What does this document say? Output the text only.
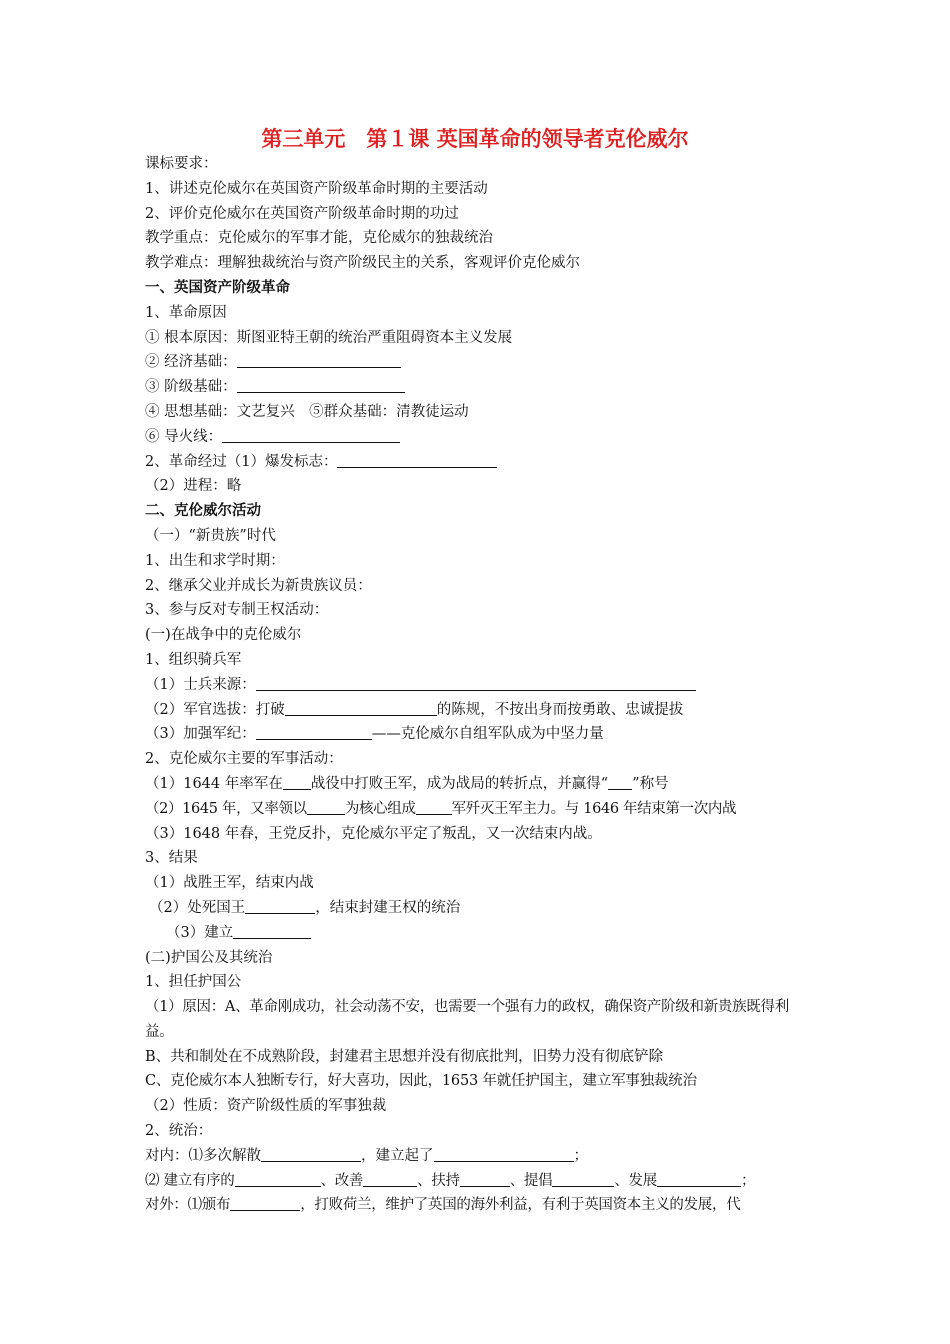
第三单元　第１课 英国革命的领导者克伦威尔
课标要求：
1、讲述克伦威尔在英国资产阶级革命时期的主要活动
2、评价克伦威尔在英国资产阶级革命时期的功过
教学重点：克伦威尔的军事才能，克伦威尔的独裁统治
教学难点：理解独裁统治与资产阶级民主的关系，客观评价克伦威尔
一、英国资产阶级革命
1、革命原因
① 根本原因：斯图亚特王朝的统治严重阻碍资本主义发展
② 经济基础：
③ 阶级基础：
④ 思想基础：文艺复兴　⑤群众基础：清教徒运动
⑥ 导火线：
2、革命经过（1）爆发标志：
（2）进程：略
二、克伦威尔活动
（一）“新贵族”时代
1、出生和求学时期：
2、继承父业并成长为新贵族议员：
3、参与反对专制王权活动：
(一)在战争中的克伦威尔
1、组织骑兵军
（1）士兵来源：
（2）军官选拔：打破	的陈规，不按出身而按勇敢、忠诚提拔
（3）加强军纪：	——克伦威尔自组军队成为中坚力量
2、克伦威尔主要的军事活动：
（1）1644 年率军在 战役中打败王军，成为战局的转折点，并赢得“ ”称号
（2）1645 年，又率领以	为核心组成 军歼灭王军主力。与 1646 年结束第一次内战
（3）1648 年春，王党反扑，克伦威尔平定了叛乱，又一次结束内战。
3、结果
（1）战胜王军，结束内战
（2）处死国王	，结束封建王权的统治
（3）建立
(二)护国公及其统治
1、担任护国公
（1）原因：A、革命刚成功，社会动荡不安，也需要一个强有力的政权，确保资产阶级和新贵族既得利益。
B、共和制处在不成熟阶段，封建君主思想并没有彻底批判，旧势力没有彻底铲除
C、克伦威尔本人独断专行，好大喜功，因此，1653 年就任护国主，建立军事独裁统治
（2）性质：资产阶级性质的军事独裁
2、统治：
对内：⑴多次解散	，建立起了	；
⑵ 建立有序的	、改善	、扶持	、提倡	、发展	；
对外：⑴颁布	，打败荷兰，维护了英国的海外利益，有利于英国资本主义的发展，代
